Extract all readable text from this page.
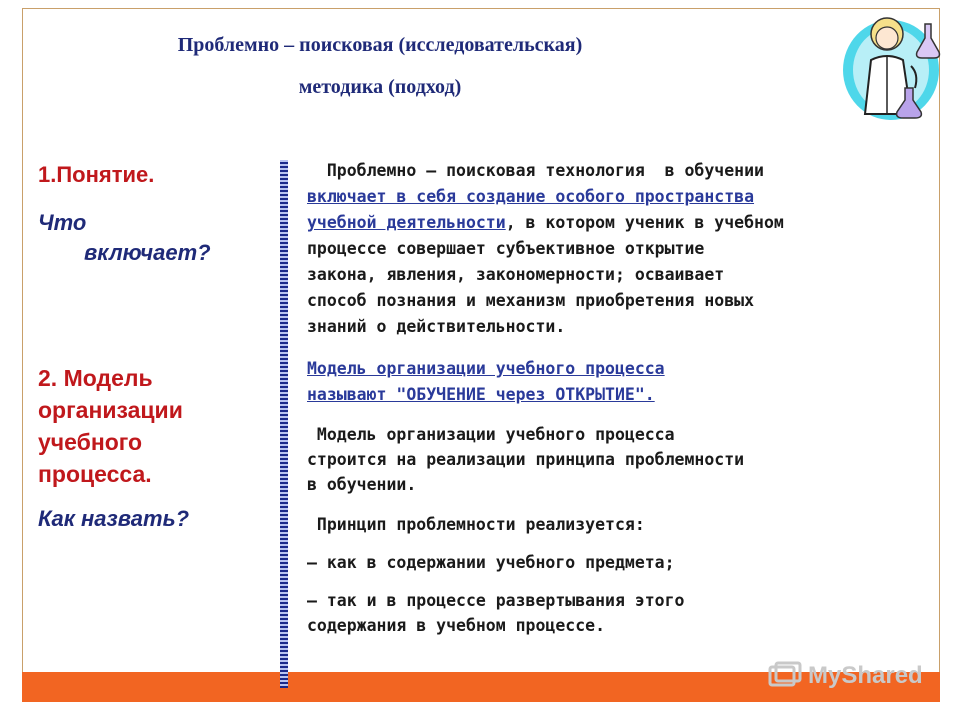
Проблемно – поисковая (исследовательская)
методика (подход)
1.Понятие.
Что
включает?
2. Модель
организации
учебного
процесса.
Как назвать?
Проблемно – поисковая технология  в обучении
включает в себя создание особого пространства
учебной деятельности, в котором ученик в учебном
процессе совершает субъективное открытие
закона, явления, закономерности; осваивает
способ познания и механизм приобретения новых
знаний о действительности.
Модель организации учебного процесса
называют "ОБУЧЕНИЕ через ОТКРЫТИЕ".
Модель организации учебного процесса
строится на реализации принципа проблемности
в обучении.
Принцип проблемности реализуется:
— как в содержании учебного предмета;
— так и в процессе развертывания этого
содержания в учебном процессе.
MyShared
